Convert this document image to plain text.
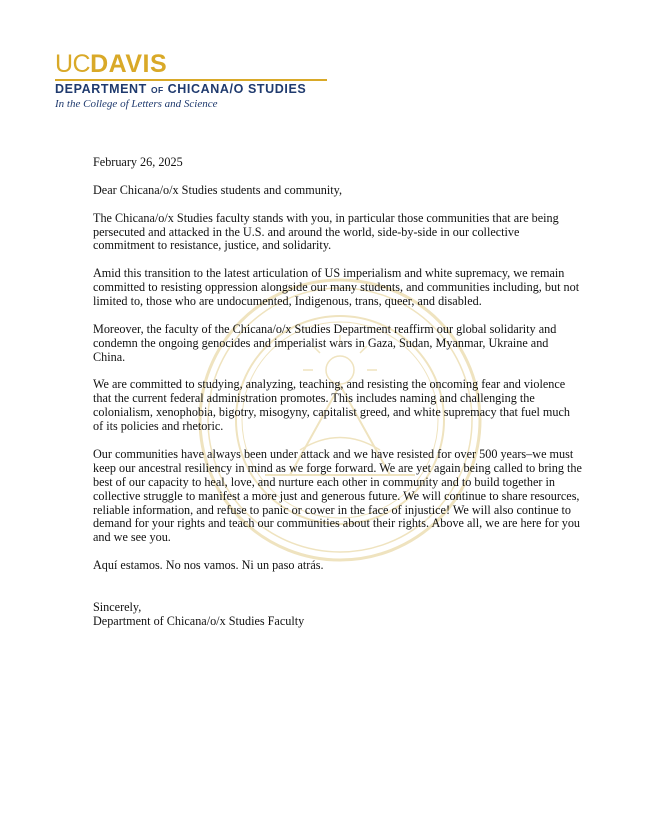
UCDAVIS
DEPARTMENT OF CHICANA/O STUDIES
In the College of Letters and Science

February 26, 2025

Dear Chicana/o/x Studies students and community,

The Chicana/o/x Studies faculty stands with you, in particular those communities that are being persecuted and attacked in the U.S. and around the world, side-by-side in our collective commitment to resistance, justice, and solidarity.

Amid this transition to the latest articulation of US imperialism and white supremacy, we remain committed to resisting oppression alongside our many students, and communities including, but not limited to, those who are undocumented, Indigenous, trans, queer, and disabled.

Moreover, the faculty of the Chicana/o/x Studies Department reaffirm our global solidarity and condemn the ongoing genocides and imperialist wars in Gaza, Sudan, Myanmar, Ukraine and China.

We are committed to studying, analyzing, teaching, and resisting the oncoming fear and violence that the current federal administration promotes. This includes naming and challenging the colonialism, xenophobia, bigotry, misogyny, capitalist greed, and white supremacy that fuel much of its policies and rhetoric.

Our communities have always been under attack and we have resisted for over 500 years–we must keep our ancestral resiliency in mind as we forge forward. We are yet again being called to bring the best of our capacity to heal, love, and nurture each other in community and to build together in collective struggle to manifest a more just and generous future. We will continue to share resources, reliable information, and refuse to panic or cower in the face of injustice! We will also continue to demand for your rights and teach our communities about their rights. Above all, we are here for you and we see you.

Aquí estamos. No nos vamos. Ni un paso atrás.

Sincerely,

Department of Chicana/o/x Studies Faculty
